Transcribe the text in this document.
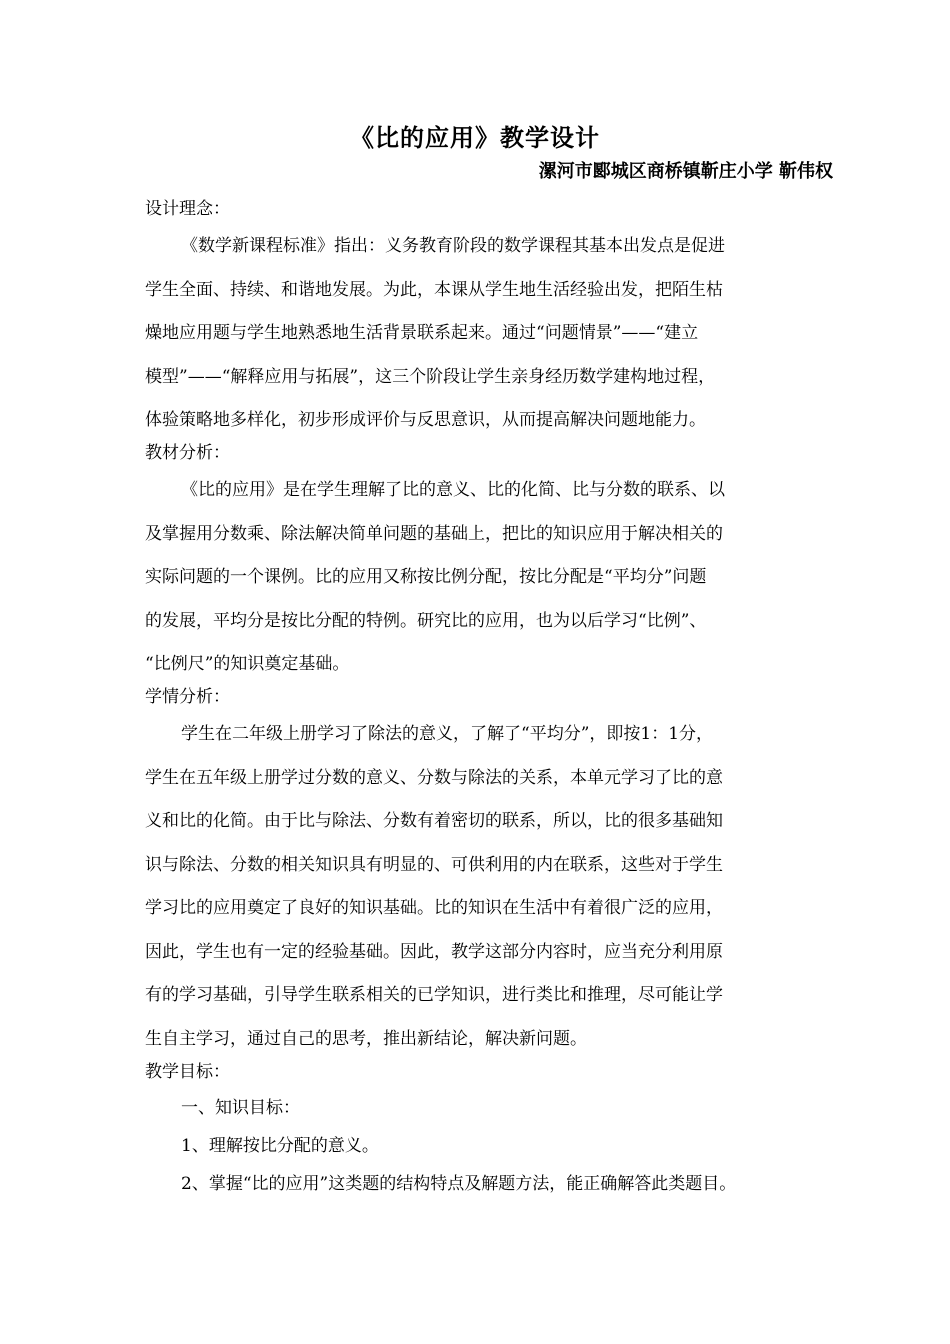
《比的应用》教学设计
漯河市郾城区商桥镇靳庄小学 靳伟权
设计理念：
《数学新课程标准》指出：义务教育阶段的数学课程其基本出发点是促进
学生全面、持续、和谐地发展。为此，本课从学生地生活经验出发，把陌生枯
燥地应用题与学生地熟悉地生活背景联系起来。通过“问题情景”——“建立
模型”——“解释应用与拓展”，这三个阶段让学生亲身经历数学建构地过程，
体验策略地多样化，初步形成评价与反思意识，从而提高解决问题地能力。
教材分析：
《比的应用》是在学生理解了比的意义、比的化简、比与分数的联系、以
及掌握用分数乘、除法解决简单问题的基础上，把比的知识应用于解决相关的
实际问题的一个课例。比的应用又称按比例分配，按比分配是“平均分”问题
的发展，平均分是按比分配的特例。研究比的应用，也为以后学习“比例”、
“比例尺”的知识奠定基础。
学情分析：
学生在二年级上册学习了除法的意义，了解了“平均分”，即按1：1分，
学生在五年级上册学过分数的意义、分数与除法的关系，本单元学习了比的意
义和比的化简。由于比与除法、分数有着密切的联系，所以，比的很多基础知
识与除法、分数的相关知识具有明显的、可供利用的内在联系，这些对于学生
学习比的应用奠定了良好的知识基础。比的知识在生活中有着很广泛的应用，
因此，学生也有一定的经验基础。因此，教学这部分内容时，应当充分利用原
有的学习基础，引导学生联系相关的已学知识，进行类比和推理，尽可能让学
生自主学习，通过自己的思考，推出新结论，解决新问题。
教学目标：
一、知识目标：
1、理解按比分配的意义。
2、掌握“比的应用”这类题的结构特点及解题方法，能正确解答此类题目。
